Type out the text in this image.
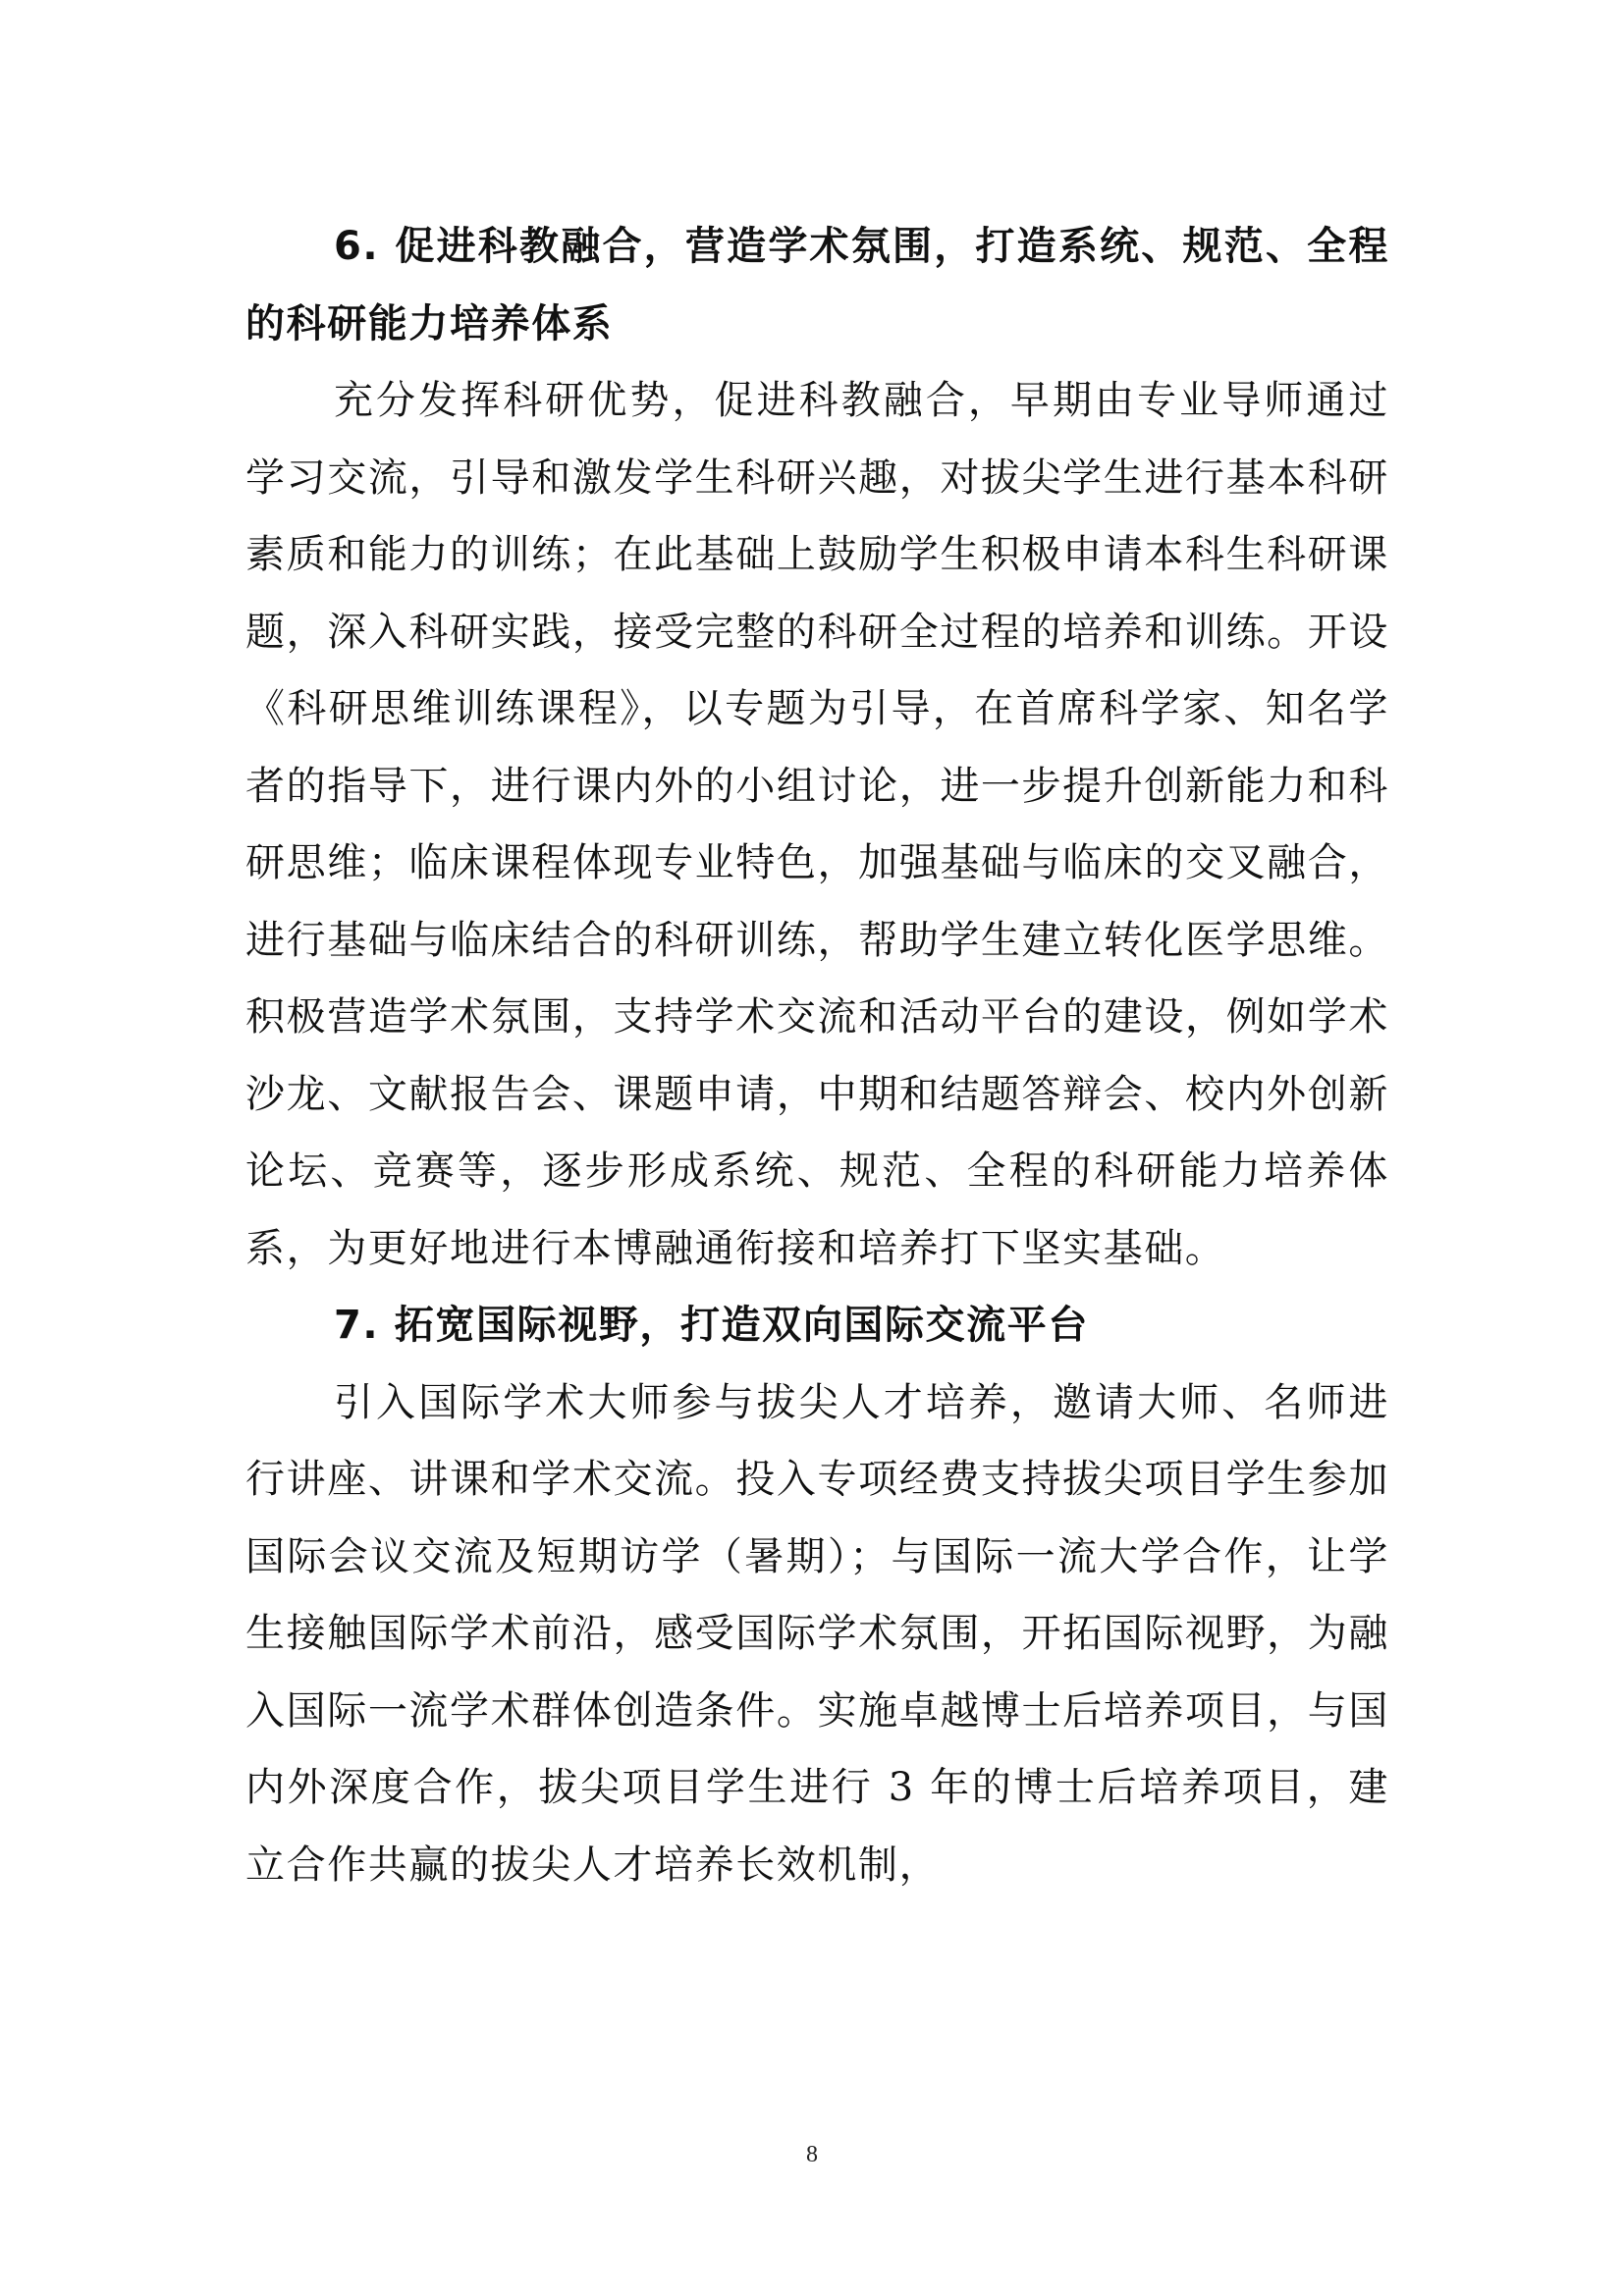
6. 促进科教融合，营造学术氛围，打造系统、规范、全程的科研能力培养体系

充分发挥科研优势，促进科教融合，早期由专业导师通过学习交流，引导和激发学生科研兴趣，对拔尖学生进行基本科研素质和能力的训练；在此基础上鼓励学生积极申请本科生科研课题，深入科研实践，接受完整的科研全过程的培养和训练。开设《科研思维训练课程》，以专题为引导，在首席科学家、知名学者的指导下，进行课内外的小组讨论，进一步提升创新能力和科研思维；临床课程体现专业特色，加强基础与临床的交叉融合，进行基础与临床结合的科研训练，帮助学生建立转化医学思维。积极营造学术氛围，支持学术交流和活动平台的建设，例如学术沙龙、文献报告会、课题申请，中期和结题答辩会、校内外创新论坛、竞赛等，逐步形成系统、规范、全程的科研能力培养体系，为更好地进行本博融通衔接和培养打下坚实基础。

7. 拓宽国际视野，打造双向国际交流平台

引入国际学术大师参与拔尖人才培养，邀请大师、名师进行讲座、讲课和学术交流。投入专项经费支持拔尖项目学生参加国际会议交流及短期访学（暑期）；与国际一流大学合作，让学生接触国际学术前沿，感受国际学术氛围，开拓国际视野，为融入国际一流学术群体创造条件。实施卓越博士后培养项目，与国内外深度合作，拔尖项目学生进行 3 年的博士后培养项目，建立合作共赢的拔尖人才培养长效机制，

8
